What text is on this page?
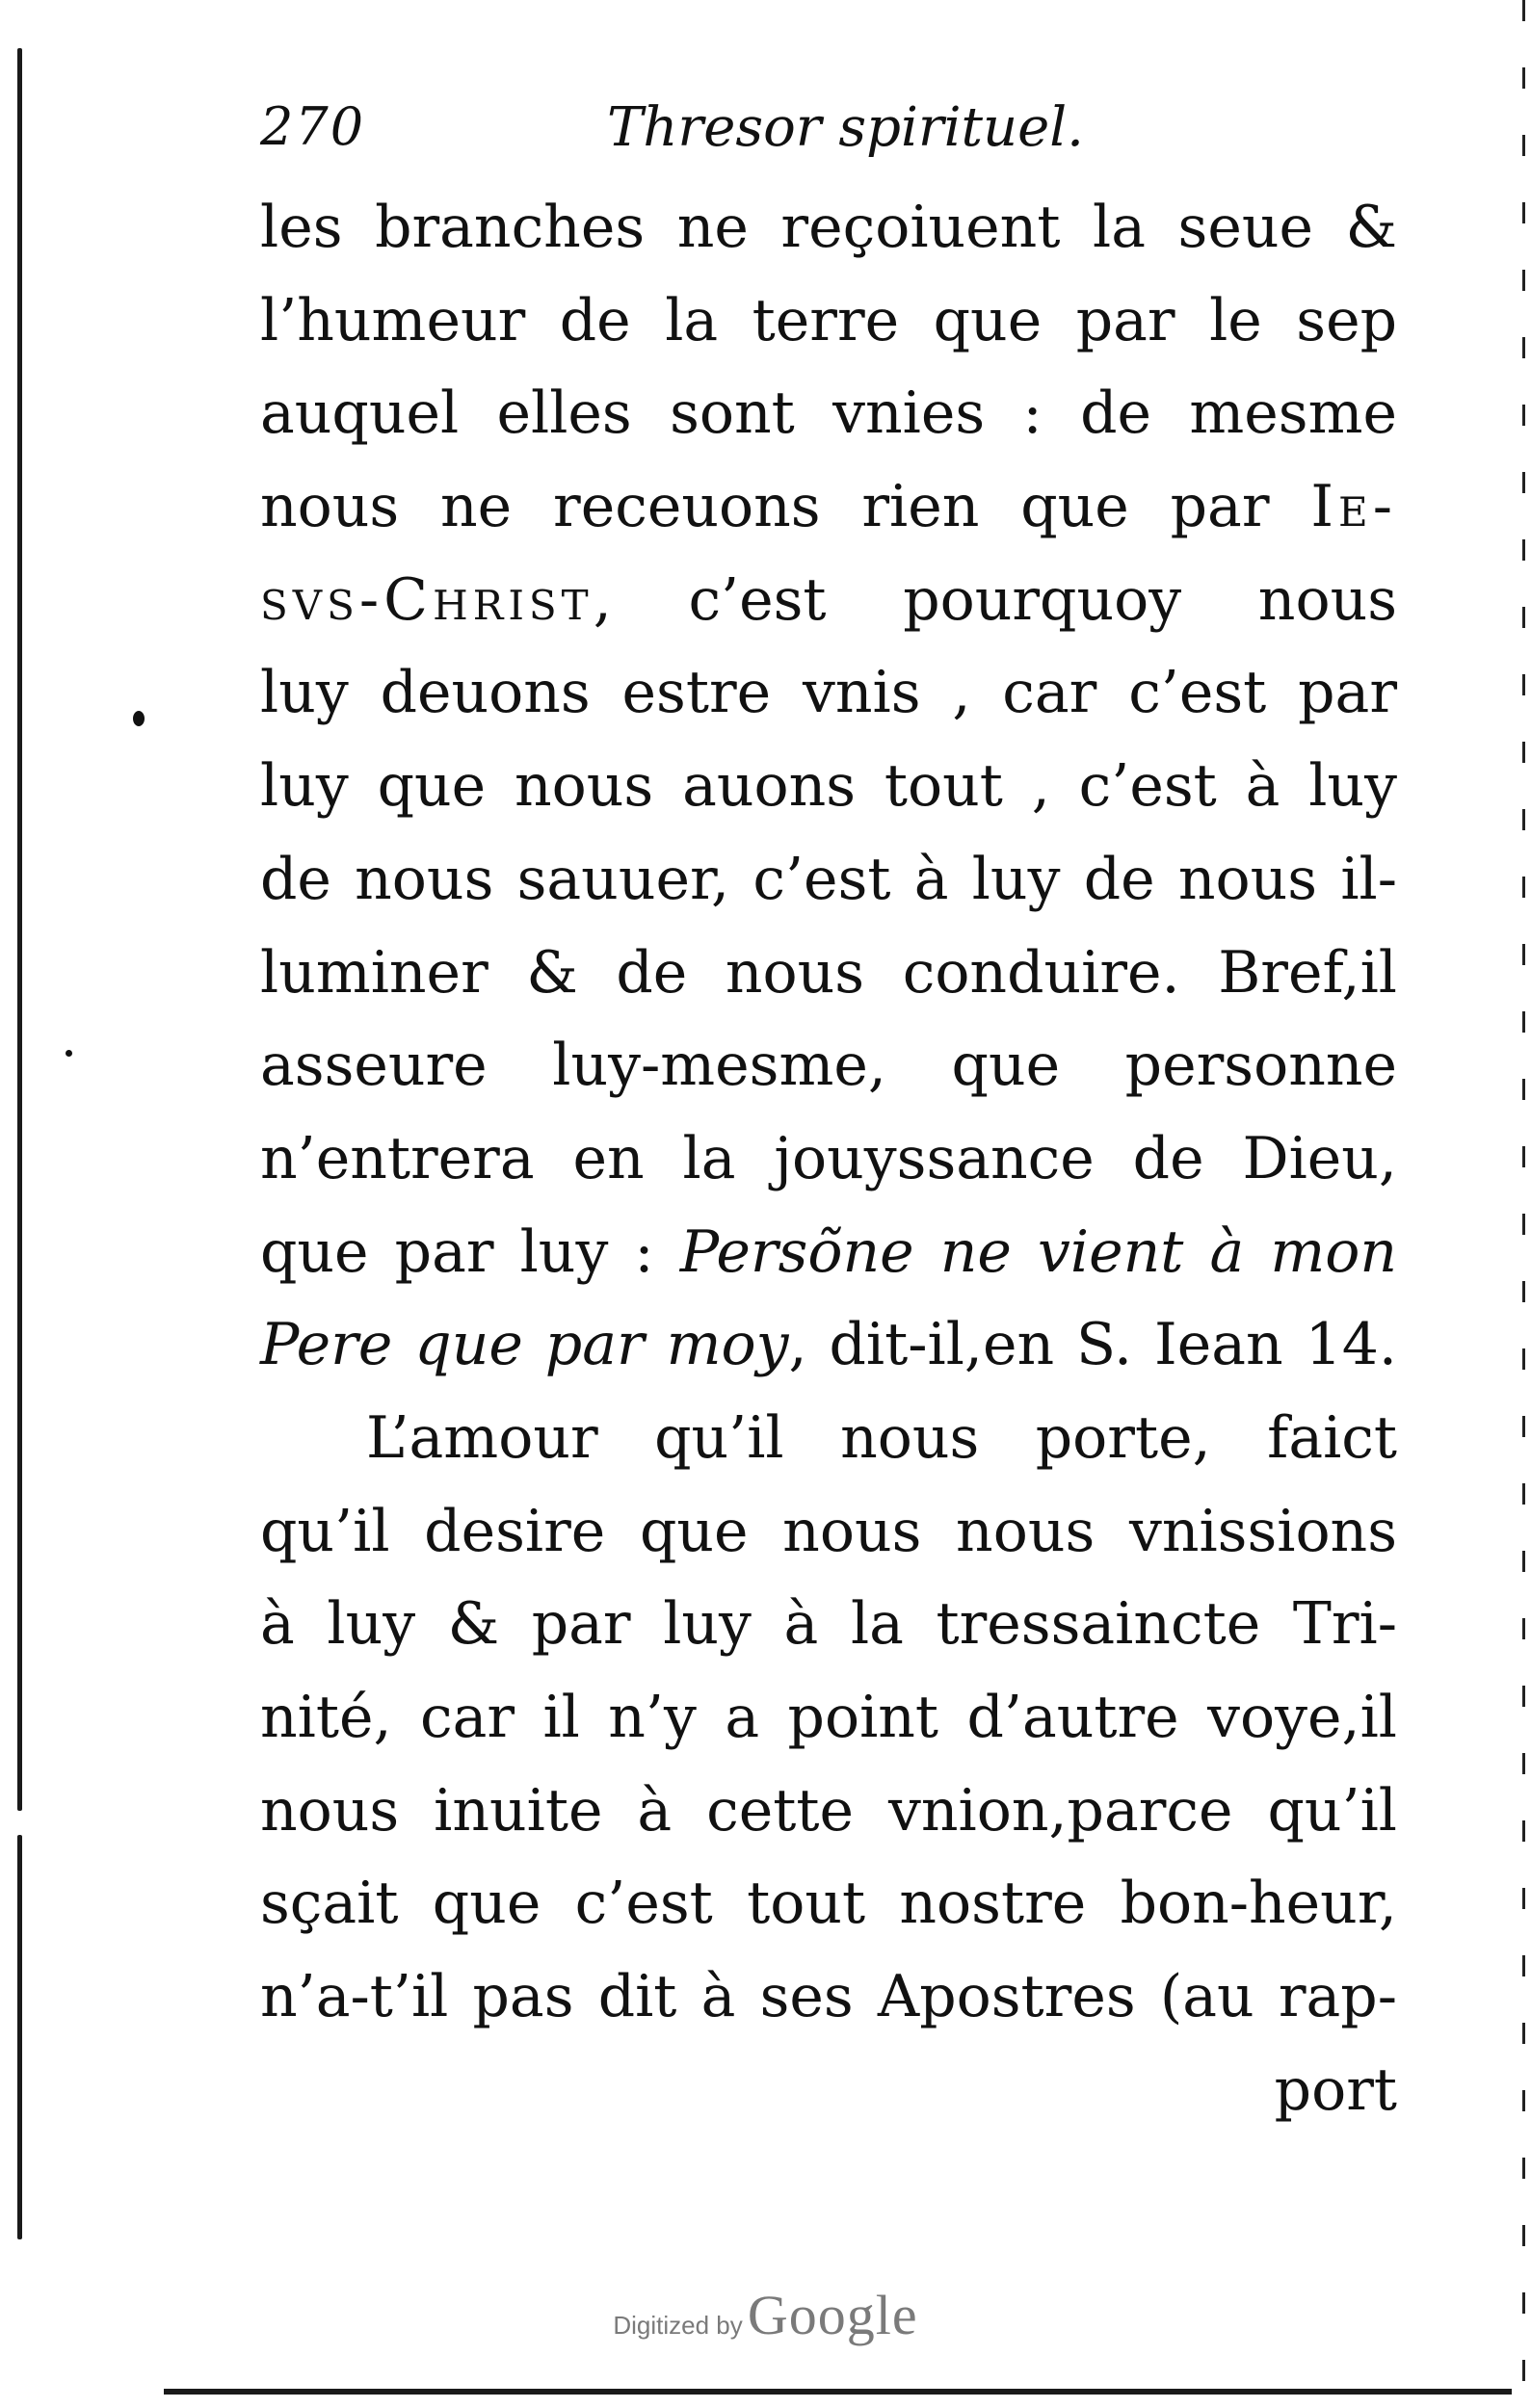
270	Thresor spirituel.
les branches ne reçoiuent la seue &
l’humeur de la terre que par le sep
auquel elles sont vnies : de mesme
nous ne receuons rien que par Ie-
svs-Christ, c’est pourquoy nous
luy deuons estre vnis , car c’est par
luy que nous auons tout , c’est à luy
de nous sauuer, c’est à luy de nous il-
luminer & de nous conduire. Bref,il
asseure luy-mesme, que personne
n’entrera en la jouyssance de Dieu,
que par luy : Persõne ne vient à mon
Pere que par moy, dit-il,en S. Iean 14.
L’amour qu’il nous porte, faict
qu’il desire que nous nous vnissions
à luy & par luy à la tressaincte Tri-
nité, car il n’y a point d’autre voye,il
nous inuite à cette vnion,parce qu’il
sçait que c’est tout nostre bon-heur,
n’a-t’il pas dit à ses Apostres (au rap-
port
Digitized by Google
